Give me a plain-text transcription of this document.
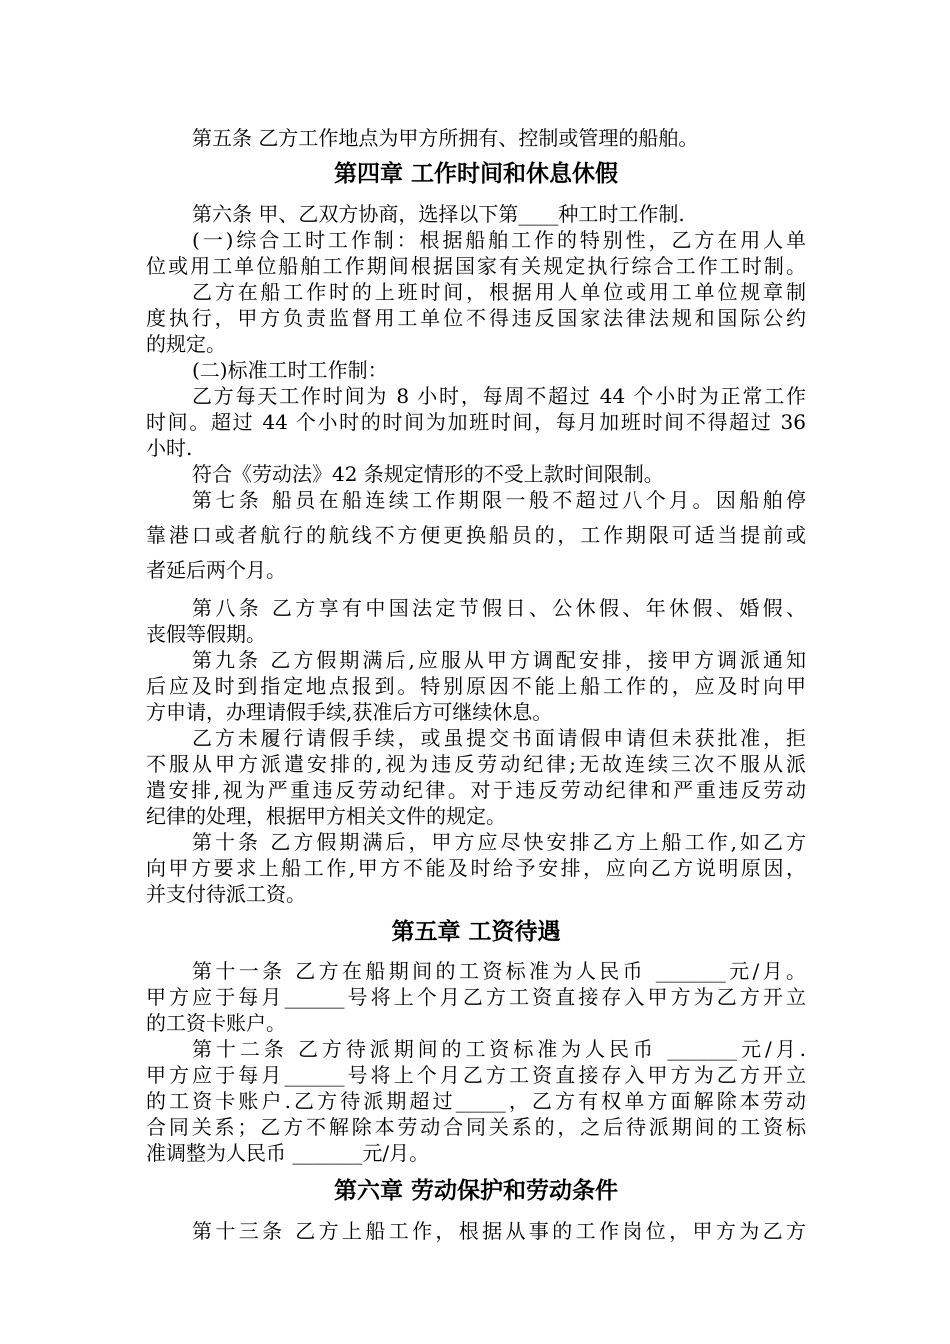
第五条 乙方工作地点为甲方所拥有、控制或管理的船舶。
第四章 工作时间和休息休假
第六条 甲、乙双方协商，选择以下第____种工时工作制.
(一)综合工时工作制：根据船舶工作的特别性，乙方在用人单
位或用工单位船舶工作期间根据国家有关规定执行综合工作工时制。
乙方在船工作时的上班时间，根据用人单位或用工单位规章制
度执行，甲方负责监督用工单位不得违反国家法律法规和国际公约
的规定。
(二)标准工时工作制：
乙方每天工作时间为 8 小时，每周不超过 44 个小时为正常工作
时间。超过 44 个小时的时间为加班时间，每月加班时间不得超过 36
小时.
符合《劳动法》42 条规定情形的不受上款时间限制。
第七条 船员在船连续工作期限一般不超过八个月。因船舶停
靠港口或者航行的航线不方便更换船员的，工作期限可适当提前或
者延后两个月。
第八条 乙方享有中国法定节假日、公休假、年休假、婚假、
丧假等假期。
第九条 乙方假期满后,应服从甲方调配安排，接甲方调派通知
后应及时到指定地点报到。特别原因不能上船工作的，应及时向甲
方申请，办理请假手续,获准后方可继续休息。
乙方未履行请假手续，或虽提交书面请假申请但未获批准，拒
不服从甲方派遣安排的,视为违反劳动纪律;无故连续三次不服从派
遣安排,视为严重违反劳动纪律。对于违反劳动纪律和严重违反劳动
纪律的处理，根据甲方相关文件的规定。
第十条 乙方假期满后，甲方应尽快安排乙方上船工作,如乙方
向甲方要求上船工作,甲方不能及时给予安排，应向乙方说明原因，
并支付待派工资。
第五章 工资待遇
第十一条 乙方在船期间的工资标准为人民币 _______元/月。
甲方应于每月______号将上个月乙方工资直接存入甲方为乙方开立
的工资卡账户。
第十二条 乙方待派期间的工资标准为人民币 _______元/月.
甲方应于每月______号将上个月乙方工资直接存入甲方为乙方开立
的工资卡账户.乙方待派期超过_____，乙方有权单方面解除本劳动
合同关系；乙方不解除本劳动合同关系的，之后待派期间的工资标
准调整为人民币 _______元/月。
第六章 劳动保护和劳动条件
第十三条 乙方上船工作，根据从事的工作岗位，甲方为乙方
